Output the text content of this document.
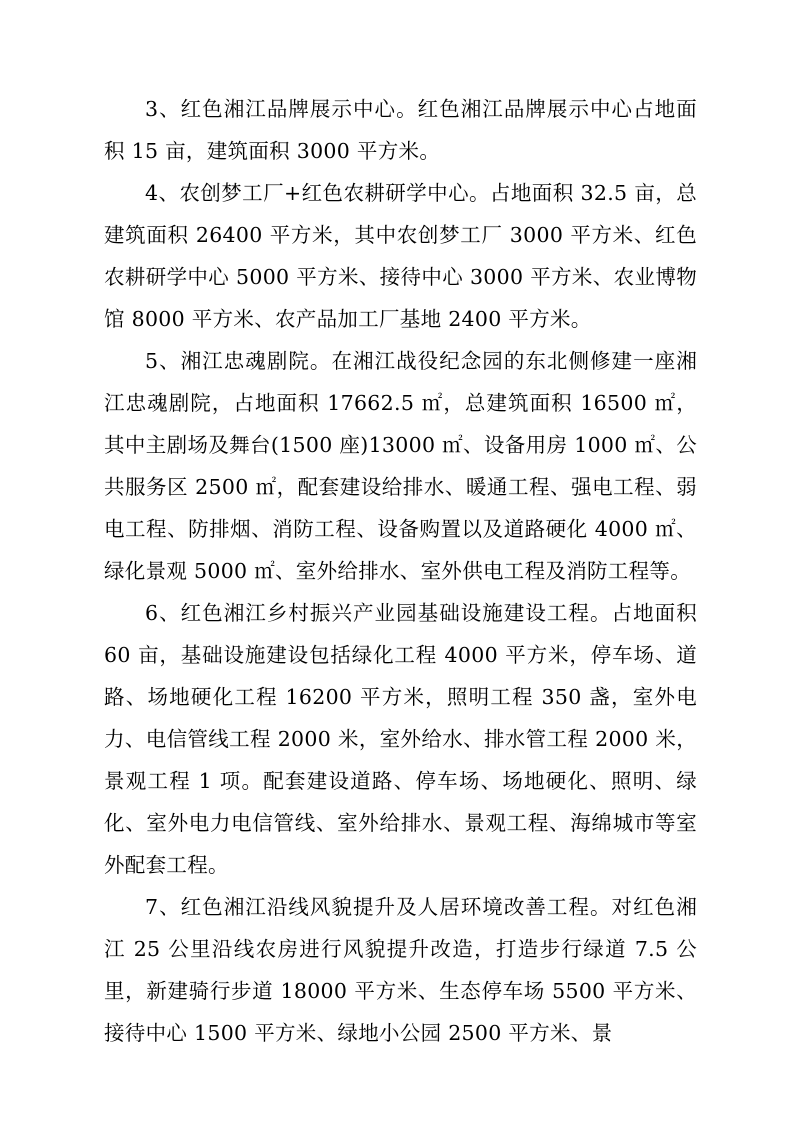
3、红色湘江品牌展示中心。红色湘江品牌展示中心占地面积 15 亩，建筑面积 3000 平方米。

4、农创梦工厂+红色农耕研学中心。占地面积 32.5 亩，总建筑面积 26400 平方米，其中农创梦工厂 3000 平方米、红色农耕研学中心 5000 平方米、接待中心 3000 平方米、农业博物馆 8000 平方米、农产品加工厂基地 2400 平方米。

5、湘江忠魂剧院。在湘江战役纪念园的东北侧修建一座湘江忠魂剧院，占地面积 17662.5 ㎡，总建筑面积 16500 ㎡，其中主剧场及舞台(1500 座)13000 ㎡、设备用房 1000 ㎡、公共服务区 2500 ㎡，配套建设给排水、暖通工程、强电工程、弱电工程、防排烟、消防工程、设备购置以及道路硬化 4000 ㎡、绿化景观 5000 ㎡、室外给排水、室外供电工程及消防工程等。

6、红色湘江乡村振兴产业园基础设施建设工程。占地面积 60 亩，基础设施建设包括绿化工程 4000 平方米，停车场、道路、场地硬化工程 16200 平方米，照明工程 350 盏，室外电力、电信管线工程 2000 米，室外给水、排水管工程 2000 米，景观工程 1 项。配套建设道路、停车场、场地硬化、照明、绿化、室外电力电信管线、室外给排水、景观工程、海绵城市等室外配套工程。

7、红色湘江沿线风貌提升及人居环境改善工程。对红色湘江 25 公里沿线农房进行风貌提升改造，打造步行绿道 7.5 公里，新建骑行步道 18000 平方米、生态停车场 5500 平方米、接待中心 1500 平方米、绿地小公园 2500 平方米、景
